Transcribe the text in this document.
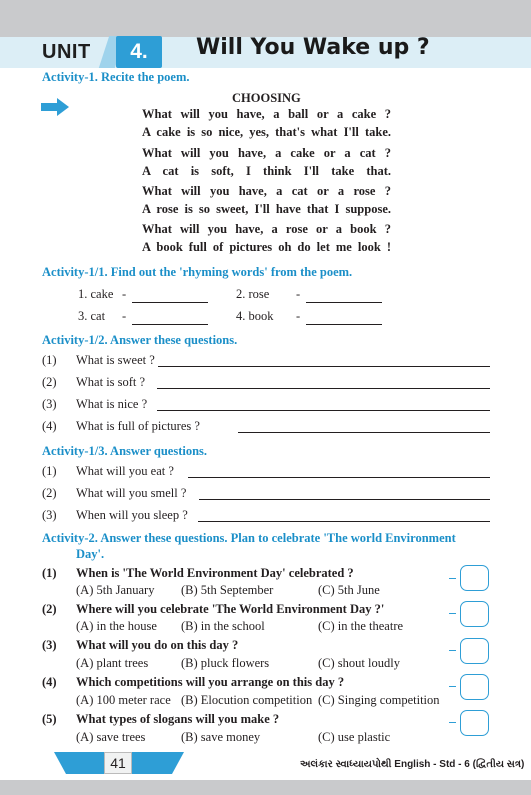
UNIT	4.	Will You Wake up ?
Activity-1. Recite the poem.
CHOOSING
What will you have, a ball or a cake ?
A cake is so nice, yes, that's what I'll take.
What will you have, a cake or a cat ?
A cat is soft, I think I'll take that.
What will you have, a cat or a rose ?
A rose is so sweet, I'll have that I suppose.
What will you have, a rose or a book ?
A book full of pictures oh do let me look !
Activity-1/1. Find out the 'rhyming words' from the poem.
1. cake -	2. rose -
3. cat -	4. book -
Activity-1/2. Answer these questions.
(1) What is sweet ?
(2) What is soft ?
(3) What is nice ?
(4) What is full of pictures ?
Activity-1/3. Answer questions.
(1) What will you eat ?
(2) What will you smell ?
(3) When will you sleep ?
Activity-2. Answer these questions. Plan to celebrate 'The world Environment
Day'.
(1) When is 'The World Environment Day' celebrated ?
(A) 5th January (B) 5th September	(C) 5th June
(2) Where will you celebrate 'The World Environment Day ?'
(A) in the house (B) in the school	(C) in the theatre
(3) What will you do on this day ?
(A) plant trees	(B) pluck flowers	(C) shout loudly
(4) Which competitions will you arrange on this day ?
(A) 100 meter race (B) Elocution competition (C) Singing competition
(5) What types of slogans will you make ?
(A) save trees	(B) save money	(C) use plastic
41	અલંકાર સ્વાધ્યાયપોથી English - Std - 6 (દ્વિતીય સત્ર)
